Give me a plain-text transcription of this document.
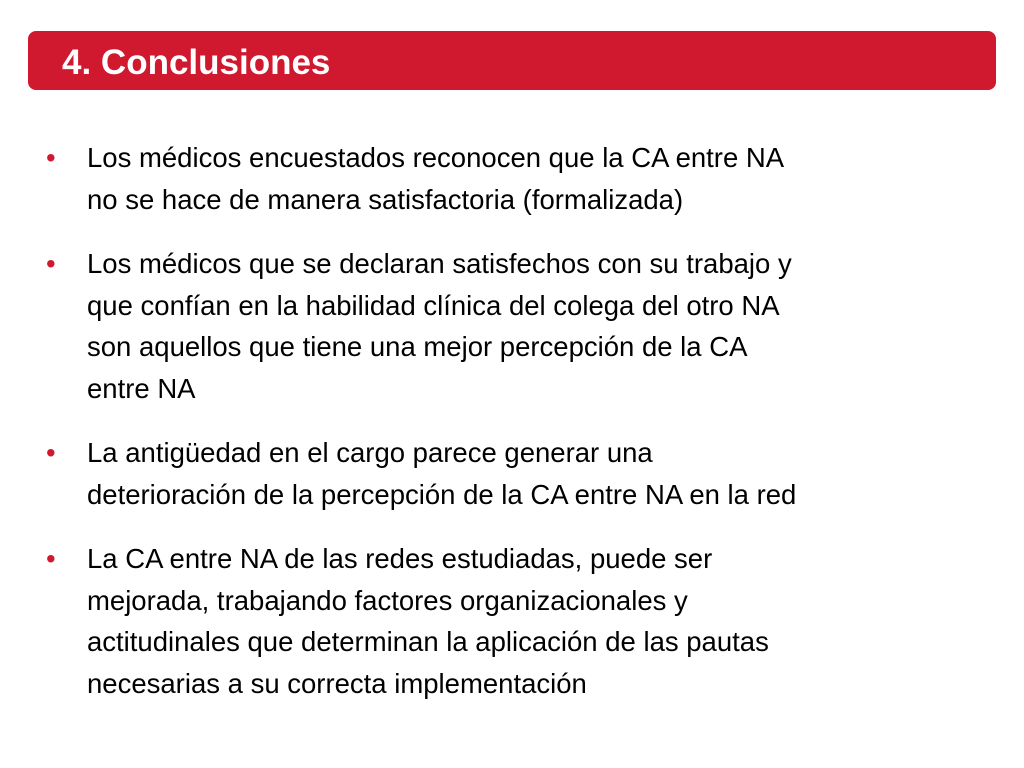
4. Conclusiones
• Los médicos encuestados reconocen que la CA entre NA
no se hace de manera satisfactoria (formalizada)
• Los médicos que se declaran satisfechos con su trabajo y
que confían en la habilidad clínica del colega del otro NA
son aquellos que tiene una mejor percepción de la CA
entre NA
• La antigüedad en el cargo parece generar una
deterioración de la percepción de la CA entre NA en la red
• La CA entre NA de las redes estudiadas, puede ser
mejorada, trabajando factores organizacionales y
actitudinales que determinan la aplicación de las pautas
necesarias a su correcta implementación
